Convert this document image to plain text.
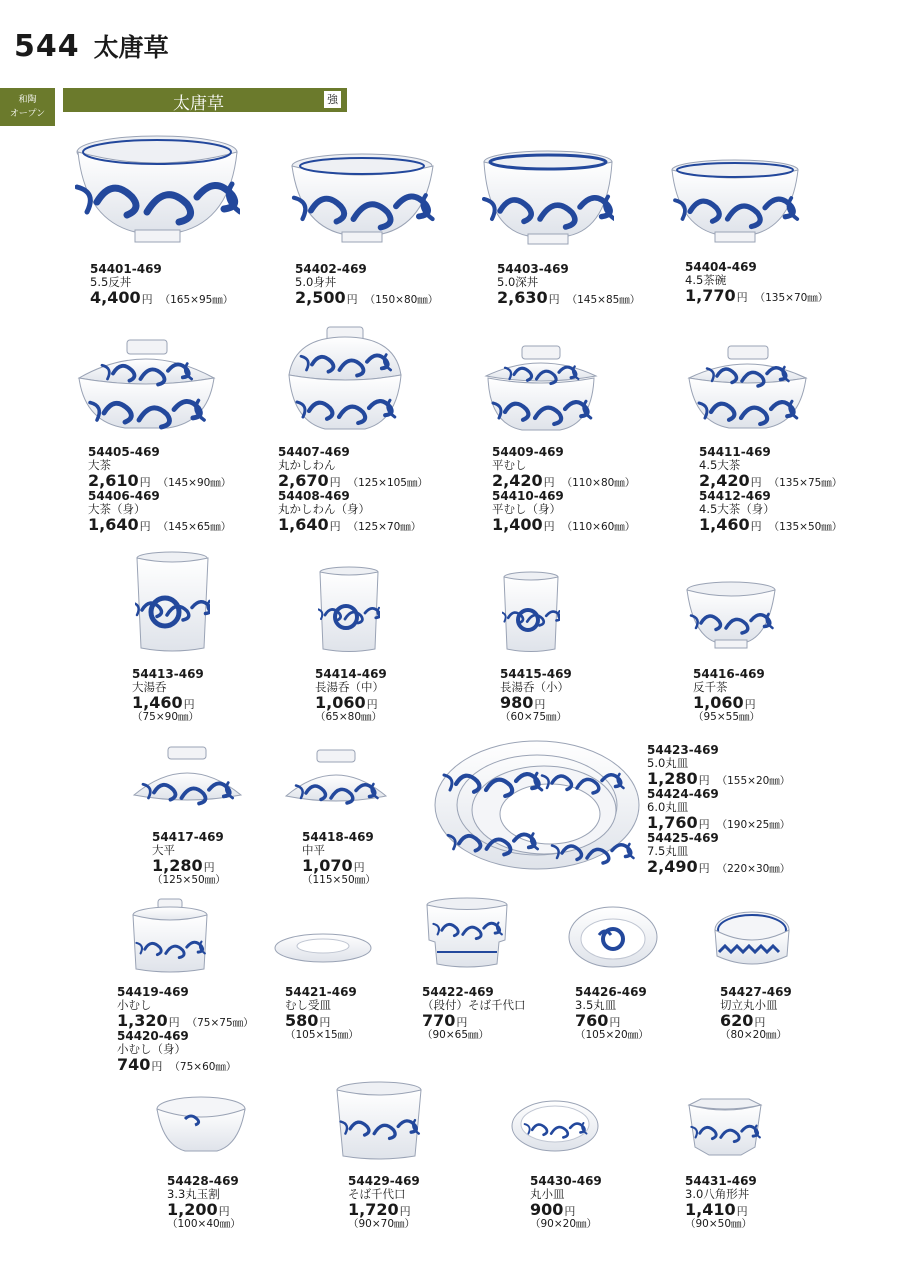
544 太唐草
和陶
オープン	太唐草	強
54401-469
5.5反丼
4,400 円 （165×95㎜）
54402-469
5.0身丼
2,500 円 （150×80㎜）
54403-469
5.0深丼
2,630 円 （145×85㎜）
54404-469
4.5茶碗
1,770 円 （135×70㎜）
54405-469
大茶
2,610 円 （145×90㎜）
54406-469
大茶（身）
1,640 円 （145×65㎜）
54407-469
丸かしわん
2,670 円 （125×105㎜）
54408-469
丸かしわん（身）
1,640 円 （125×70㎜）
54409-469
平むし
2,420 円 （110×80㎜）
54410-469
平むし（身）
1,400 円 （110×60㎜）
54411-469
4.5大茶
2,420 円 （135×75㎜）
54412-469
4.5大茶（身）
1,460 円 （135×50㎜）
54413-469
大湯呑
1,460 円
（75×90㎜）
54414-469
長湯呑（中）
1,060 円
（65×80㎜）
54415-469
長湯呑（小）
980 円
（60×75㎜）
54416-469
反千茶
1,060 円
（95×55㎜）
54417-469
大平
1,280 円
（125×50㎜）
54418-469
中平
1,070 円
（115×50㎜）
54423-469
5.0丸皿
1,280 円 （155×20㎜）
54424-469
6.0丸皿
1,760 円 （190×25㎜）
54425-469
7.5丸皿
2,490 円 （220×30㎜）
54419-469
小むし
1,320 円 （75×75㎜）
54420-469
小むし（身）
740 円 （75×60㎜）
54421-469
むし受皿
580 円
（105×15㎜）
54422-469
（段付）そば千代口
770 円
（90×65㎜）
54426-469
3.5丸皿
760 円
（105×20㎜）
54427-469
切立丸小皿
620 円
（80×20㎜）
54428-469
3.3丸玉割
1,200 円
（100×40㎜）
54429-469
そば千代口
1,720 円
（90×70㎜）
54430-469
丸小皿
900 円
（90×20㎜）
54431-469
3.0八角形丼
1,410 円
（90×50㎜）
